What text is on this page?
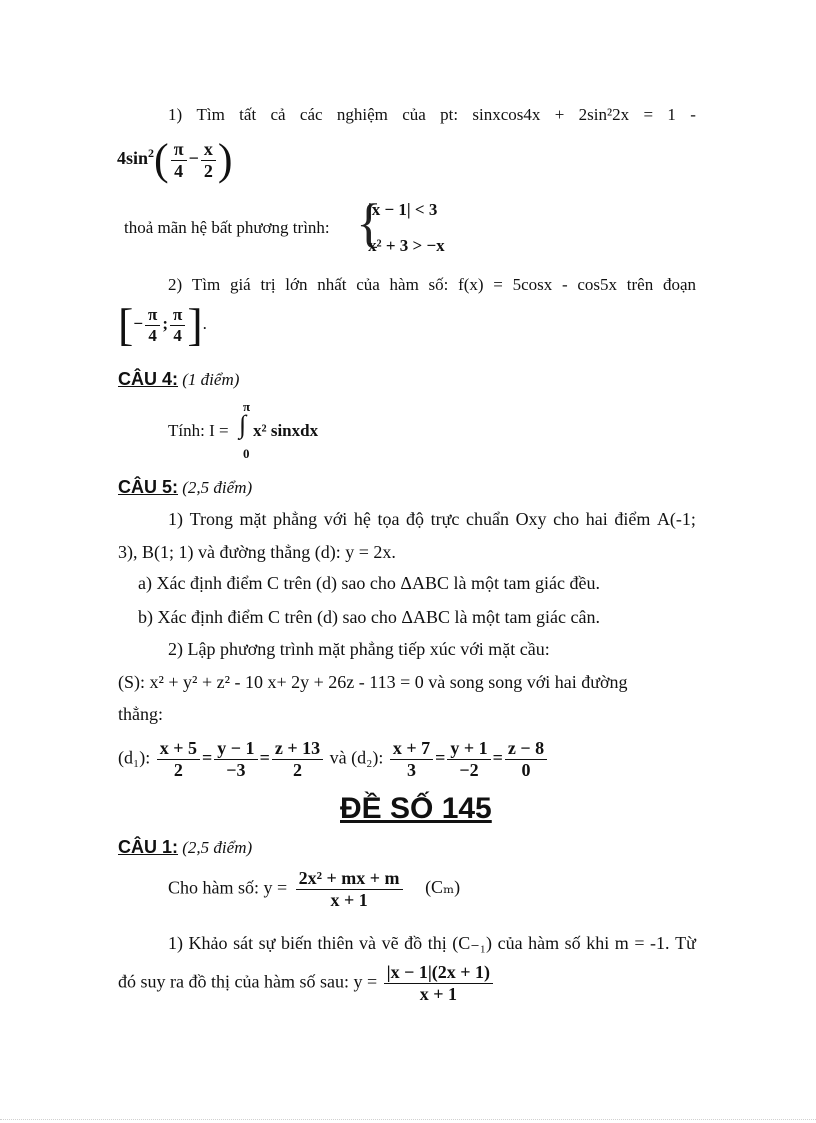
1) Tìm tất cả các nghiệm của pt: sinxcos4x + 2sin²2x = 1 -
$4\sin^2( \frac{\pi}{4} - \frac{x}{2}$ )
thoả mãn hệ bất phương trình: {
|x − 1| < 3
x² + 3 > −x
2) Tìm giá trị lớn nhất của hàm số: f(x) = 5cosx - cos5x trên đoạn
[− $\frac{\pi}{4}$ ; $\frac{\pi}{4}$ ].
CÂU 4: (1 điểm)
Tính: I =
π
∫
0
x² sinxdx
CÂU 5: (2,5 điểm)
1) Trong mặt phẳng với hệ tọa độ trực chuẩn Oxy cho hai điểm A(-1;
3), B(1; 1) và đường thẳng (d): y = 2x.
a) Xác định điểm C trên (d) sao cho ΔABC là một tam giác đều.
b) Xác định điểm C trên (d) sao cho ΔABC là một tam giác cân.
2) Lập phương trình mặt phẳng tiếp xúc với mặt cầu:
(S): x² + y² + z² - 10 x+ 2y + 26z - 113 = 0 và song song với hai đường
thẳng:
(d₁): $\frac{x + 5}{2} = \frac{y - 1}{-3} = \frac{z + 13}{2}$ và (d₂): $\frac{x + 7}{3} = \frac{y + 1}{-2} = \frac{z - 8}{0}$
ĐỀ SỐ 145
CÂU 1: (2,5 điểm)
Cho hàm số: $y = \frac{\text{2x² + mx + m}}{x + 1} (C_m)$
1) Khảo sát sự biến thiên và vẽ đồ thị (C₋₁) của hàm số khi m = -1. Từ
đó suy ra đồ thị của hàm số sau: $y = \frac{|x - 1|(2x + 1)}{x + 1}$
